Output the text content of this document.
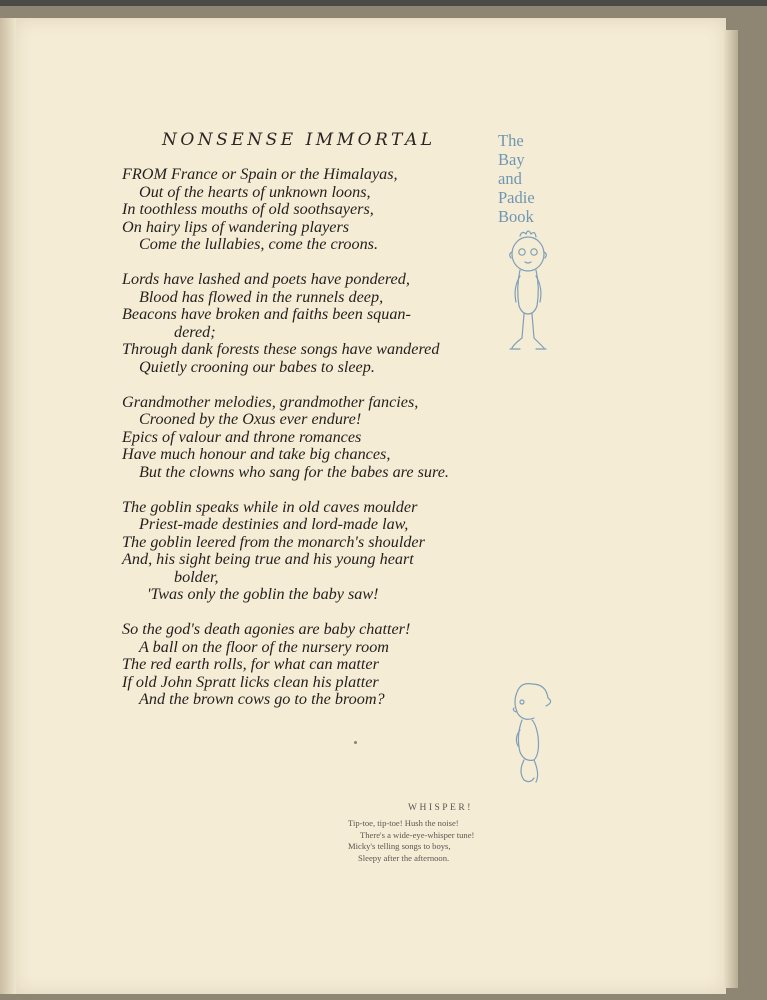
NONSENSE IMMORTAL
FROM France or Spain or the Himalayas,
Out of the hearts of unknown loons,
In toothless mouths of old soothsayers,
On hairy lips of wandering players
Come the lullabies, come the croons.
Lords have lashed and poets have pondered,
Blood has flowed in the runnels deep,
Beacons have broken and faiths been squan-
dered;
Through dank forests these songs have wandered
Quietly crooning our babes to sleep.
Grandmother melodies, grandmother fancies,
Crooned by the Oxus ever endure!
Epics of valour and throne romances
Have much honour and take big chances,
But the clowns who sang for the babes are sure.
The goblin speaks while in old caves moulder
Priest-made destinies and lord-made law,
The goblin leered from the monarch's shoulder
And, his sight being true and his young heart
bolder,
'Twas only the goblin the baby saw!
So the god's death agonies are baby chatter!
A ball on the floor of the nursery room
The red earth rolls, for what can matter
If old John Spratt licks clean his platter
And the brown cows go to the broom?
The
Bay
and
Padie
Book
WHISPER!
Tip-toe, tip-toe! Hush the noise!
There's a wide-eye-whisper tune!
Micky's telling songs to boys,
Sleepy after the afternoon.
